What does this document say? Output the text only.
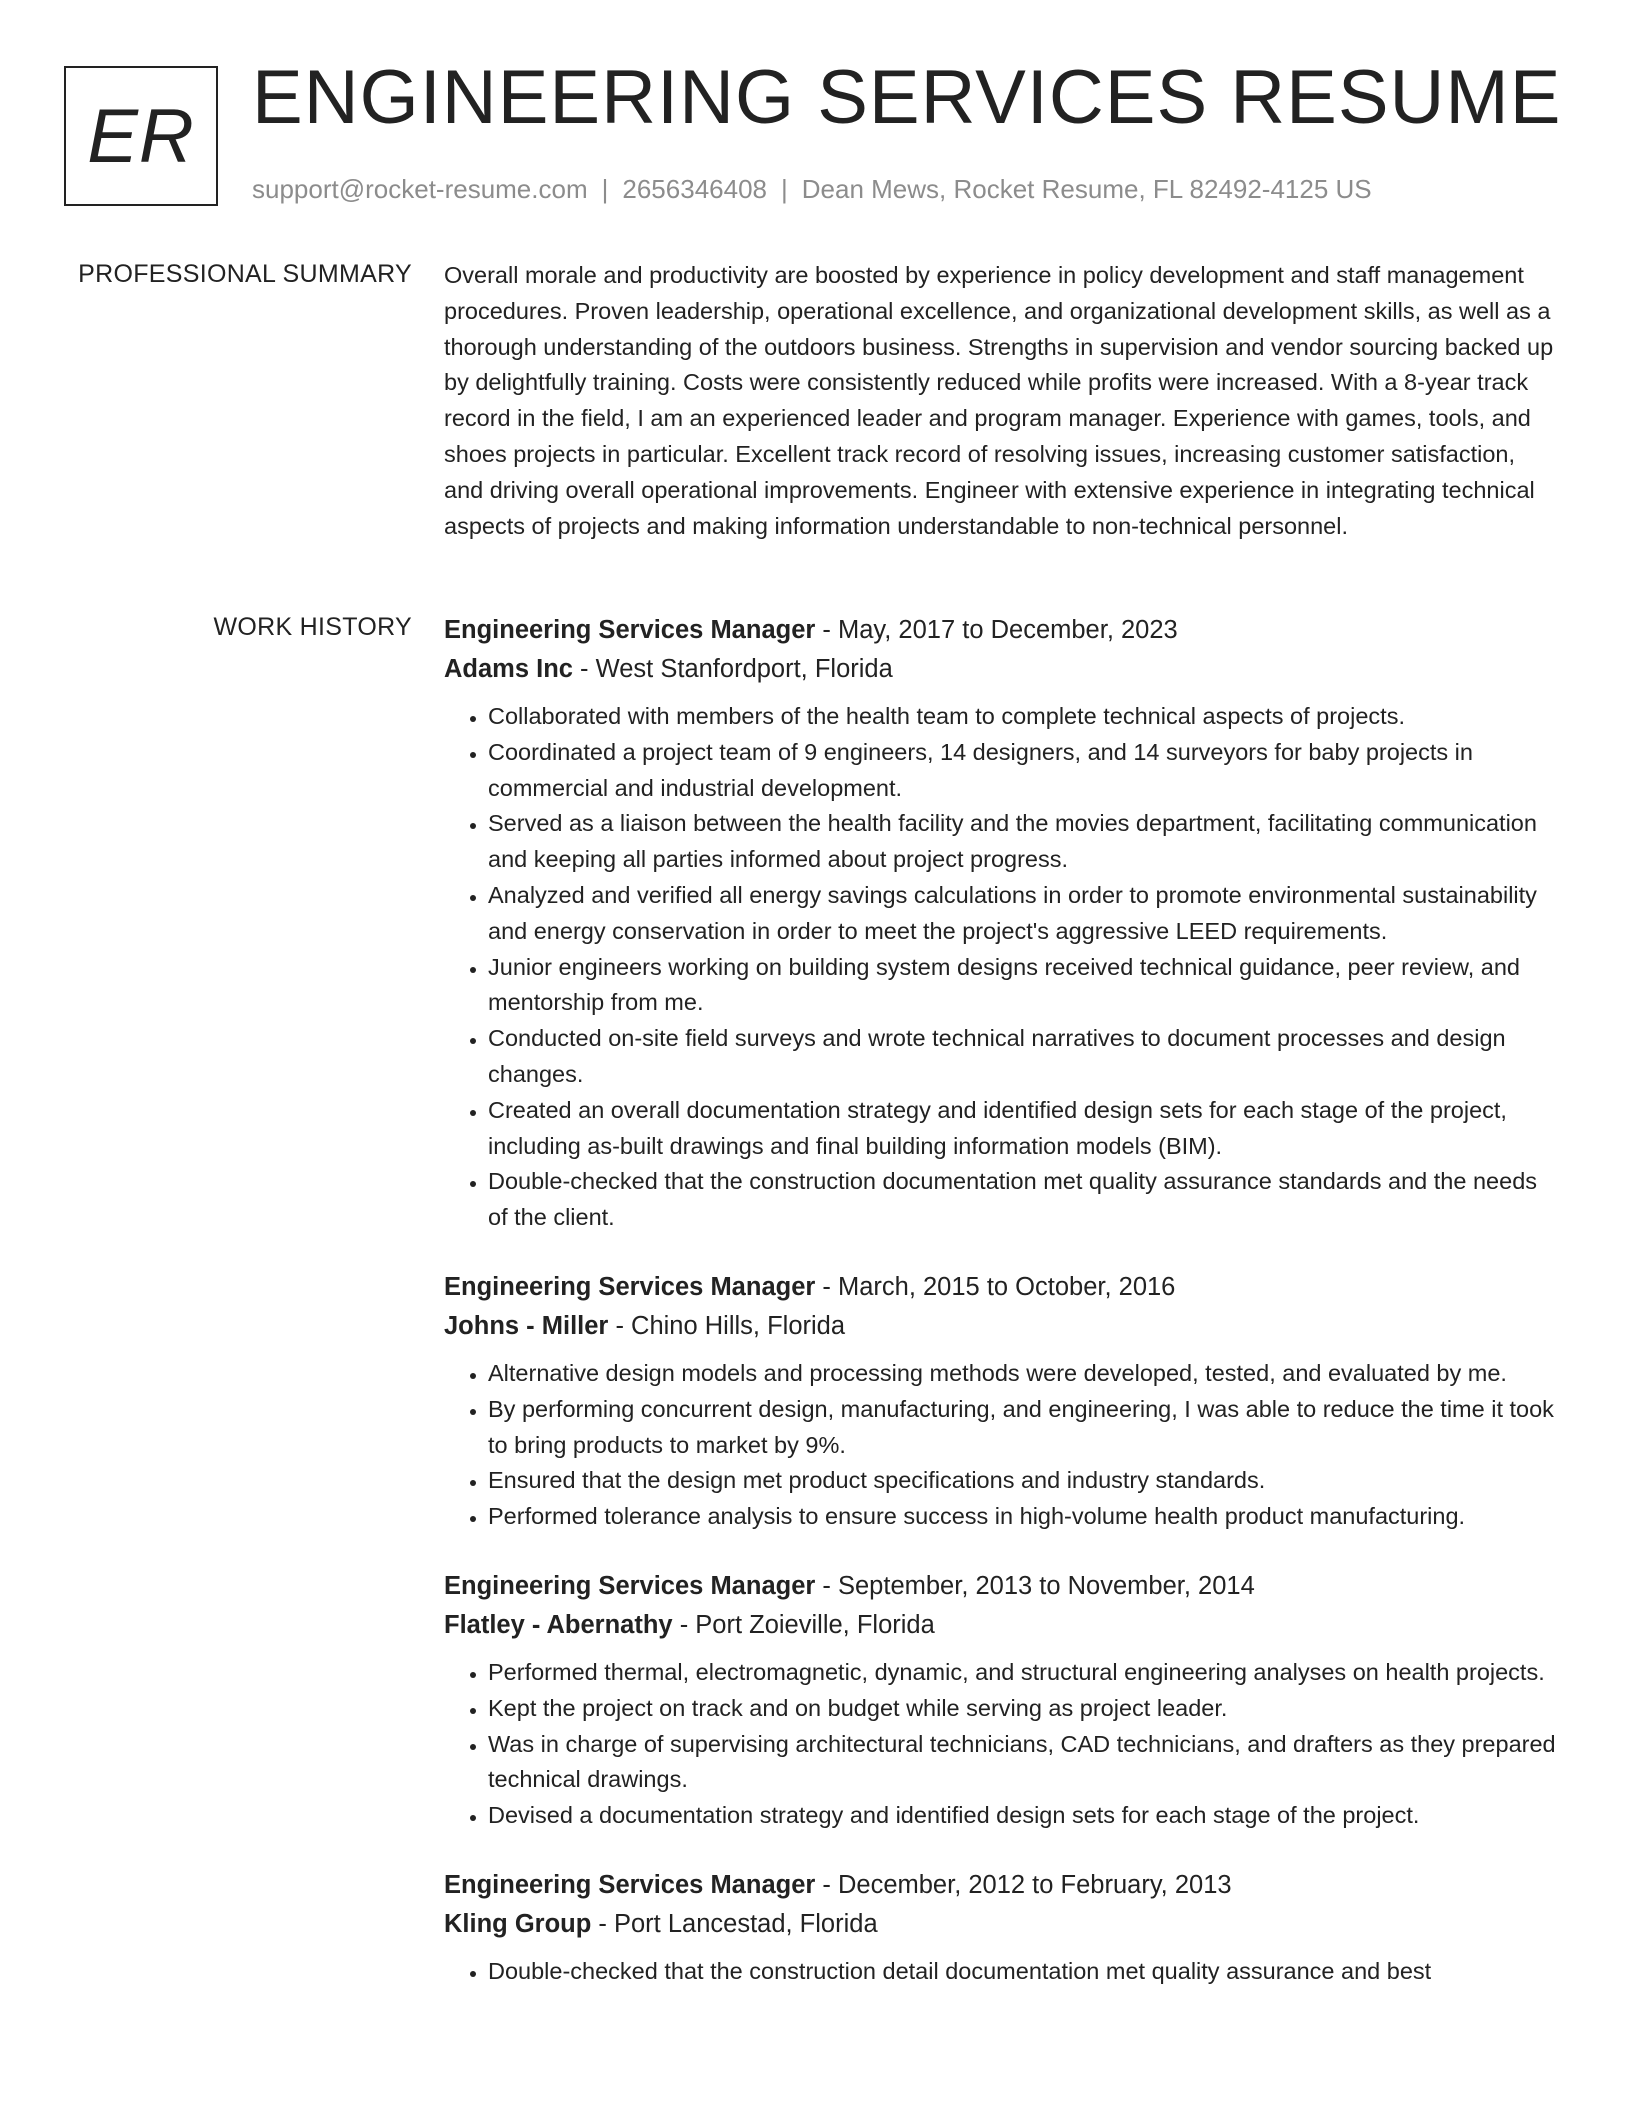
ER ENGINEERING SERVICES RESUME
support@rocket-resume.com | 2656346408 | Dean Mews, Rocket Resume, FL 82492-4125 US
PROFESSIONAL SUMMARY Overall morale and productivity are boosted by experience in policy development and staff management procedures. Proven leadership, operational excellence, and organizational development skills, as well as a thorough understanding of the outdoors business. Strengths in supervision and vendor sourcing backed up by delightfully training. Costs were consistently reduced while profits were increased. With a 8-year track record in the field, I am an experienced leader and program manager. Experience with games, tools, and shoes projects in particular. Excellent track record of resolving issues, increasing customer satisfaction, and driving overall operational improvements. Engineer with extensive experience in integrating technical aspects of projects and making information understandable to non-technical personnel.
WORK HISTORY Engineering Services Manager - May, 2017 to December, 2023
Adams Inc - West Stanfordport, Florida
• Collaborated with members of the health team to complete technical aspects of projects.
• Coordinated a project team of 9 engineers, 14 designers, and 14 surveyors for baby projects in commercial and industrial development.
• Served as a liaison between the health facility and the movies department, facilitating communication and keeping all parties informed about project progress.
• Analyzed and verified all energy savings calculations in order to promote environmental sustainability and energy conservation in order to meet the project's aggressive LEED requirements.
• Junior engineers working on building system designs received technical guidance, peer review, and mentorship from me.
• Conducted on-site field surveys and wrote technical narratives to document processes and design changes.
• Created an overall documentation strategy and identified design sets for each stage of the project, including as-built drawings and final building information models (BIM).
• Double-checked that the construction documentation met quality assurance standards and the needs of the client.
Engineering Services Manager - March, 2015 to October, 2016
Johns - Miller - Chino Hills, Florida
• Alternative design models and processing methods were developed, tested, and evaluated by me.
• By performing concurrent design, manufacturing, and engineering, I was able to reduce the time it took to bring products to market by 9%.
• Ensured that the design met product specifications and industry standards.
• Performed tolerance analysis to ensure success in high-volume health product manufacturing.
Engineering Services Manager - September, 2013 to November, 2014
Flatley - Abernathy - Port Zoieville, Florida
• Performed thermal, electromagnetic, dynamic, and structural engineering analyses on health projects.
• Kept the project on track and on budget while serving as project leader.
• Was in charge of supervising architectural technicians, CAD technicians, and drafters as they prepared technical drawings.
• Devised a documentation strategy and identified design sets for each stage of the project.
Engineering Services Manager - December, 2012 to February, 2013
Kling Group - Port Lancestad, Florida
• Double-checked that the construction detail documentation met quality assurance and best
